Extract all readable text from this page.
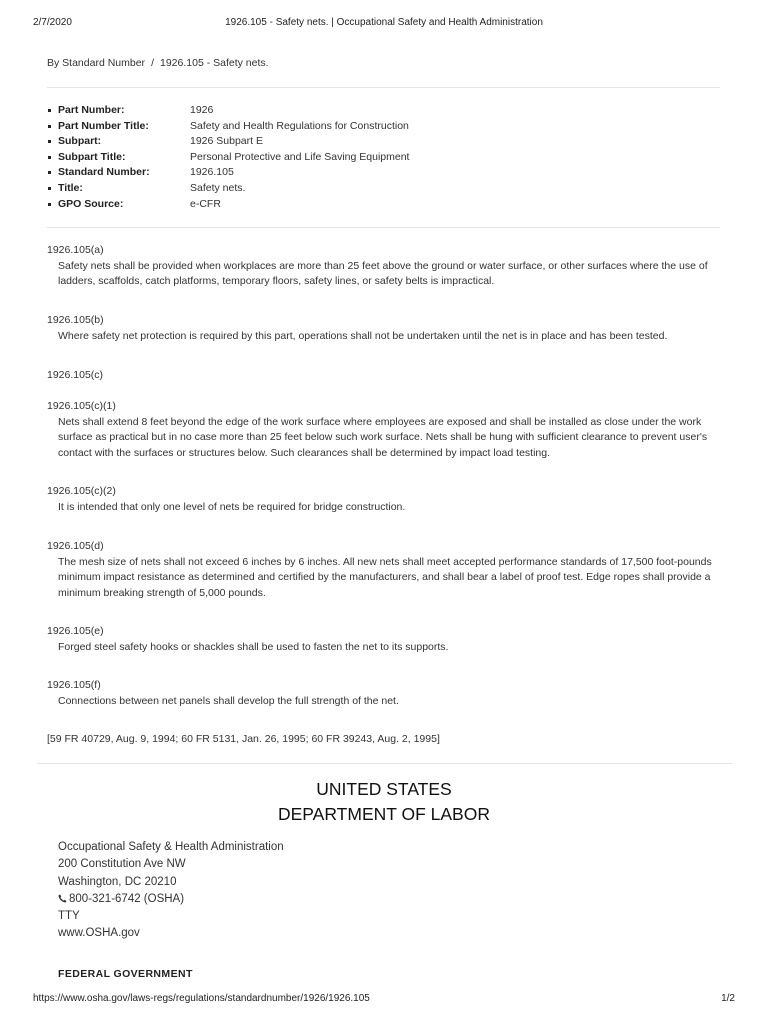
2/7/2020	1926.105 - Safety nets. | Occupational Safety and Health Administration
By Standard Number / 1926.105 - Safety nets.
Part Number:	1926
Part Number Title:	Safety and Health Regulations for Construction
Subpart:	1926 Subpart E
Subpart Title:	Personal Protective and Life Saving Equipment
Standard Number:	1926.105
Title:	Safety nets.
GPO Source:	e-CFR
1926.105(a)
Safety nets shall be provided when workplaces are more than 25 feet above the ground or water surface, or other surfaces where the use of ladders, scaffolds, catch platforms, temporary floors, safety lines, or safety belts is impractical.
1926.105(b)
Where safety net protection is required by this part, operations shall not be undertaken until the net is in place and has been tested.
1926.105(c)
1926.105(c)(1)
Nets shall extend 8 feet beyond the edge of the work surface where employees are exposed and shall be installed as close under the work surface as practical but in no case more than 25 feet below such work surface. Nets shall be hung with sufficient clearance to prevent user's contact with the surfaces or structures below. Such clearances shall be determined by impact load testing.
1926.105(c)(2)
It is intended that only one level of nets be required for bridge construction.
1926.105(d)
The mesh size of nets shall not exceed 6 inches by 6 inches. All new nets shall meet accepted performance standards of 17,500 foot-pounds minimum impact resistance as determined and certified by the manufacturers, and shall bear a label of proof test. Edge ropes shall provide a minimum breaking strength of 5,000 pounds.
1926.105(e)
Forged steel safety hooks or shackles shall be used to fasten the net to its supports.
1926.105(f)
Connections between net panels shall develop the full strength of the net.
[59 FR 40729, Aug. 9, 1994; 60 FR 5131, Jan. 26, 1995; 60 FR 39243, Aug. 2, 1995]
UNITED STATES
DEPARTMENT OF LABOR
Occupational Safety & Health Administration
200 Constitution Ave NW
Washington, DC 20210
800-321-6742 (OSHA)
TTY
www.OSHA.gov
FEDERAL GOVERNMENT
https://www.osha.gov/laws-regs/regulations/standardnumber/1926/1926.105	1/2
